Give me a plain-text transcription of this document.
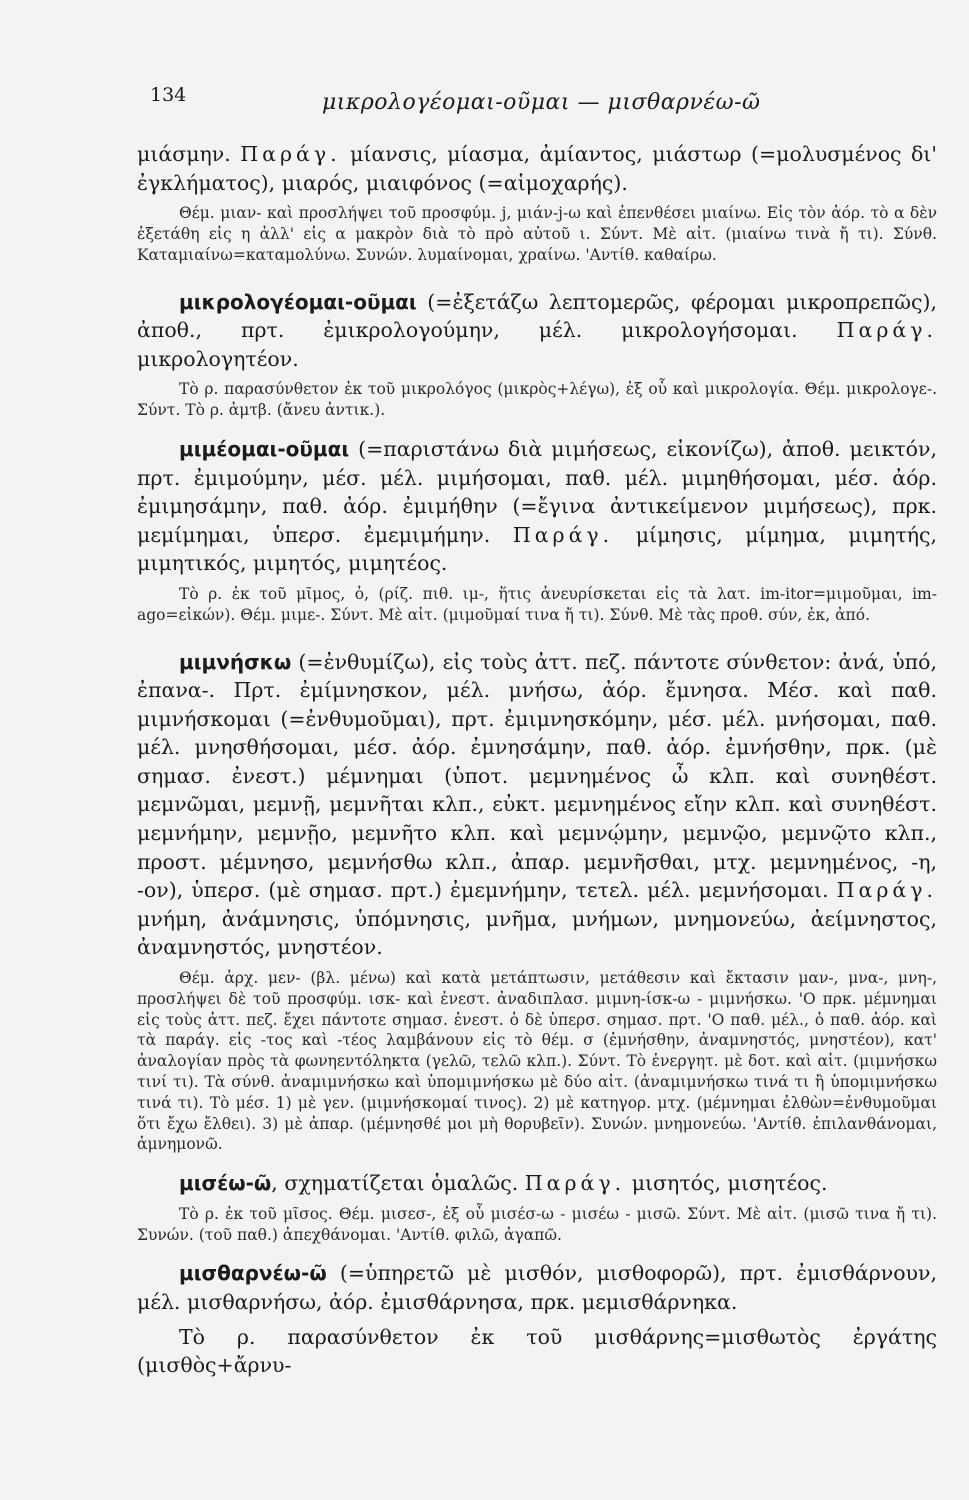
134	μικρολογέομαι-οῦμαι — μισθαρνέω-ῶ

μιάσμην. Παράγ. μίανσις, μίασμα, ἀμίαντος, μιάστωρ (=μολυσμένος δι' ἐγκλήματος), μιαρός, μιαιφόνος (=αἱμοχαρής).

Θέμ. μιαν- καὶ προσλήψει τοῦ προσφύμ. j, μιάν-j-ω καὶ ἐπενθέσει μιαίνω. Εἰς τὸν ἀόρ. τὸ α δὲν ἐξετάθη εἰς η ἀλλ' εἰς α μακρὸν διὰ τὸ πρὸ αὐτοῦ ι. Σύντ. Μὲ αἰτ. (μιαίνω τινὰ ἤ τι). Σύνθ. Καταμιαίνω=καταμολύνω. Συνών. λυμαίνομαι, χραίνω. 'Αντίθ. καθαίρω.

μικρολογέομαι-οῦμαι (=ἐξετάζω λεπτομερῶς, φέρομαι μικροπρεπῶς), ἀποθ., πρτ. ἐμικρολογούμην, μέλ. μικρολογήσομαι. Παράγ. μικρολογητέον.

Τὸ ρ. παρασύνθετον ἐκ τοῦ μικρολόγος (μικρὸς+λέγω), ἐξ οὗ καὶ μικρολογία. Θέμ. μικρολογε-. Σύντ. Τὸ ρ. ἀμτβ. (ἄνευ ἀντικ.).

μιμέομαι-οῦμαι (=παριστάνω διὰ μιμήσεως, εἰκονίζω), ἀποθ. μεικτόν, πρτ. ἐμιμούμην, μέσ. μέλ. μιμήσομαι, παθ. μέλ. μιμηθήσομαι, μέσ. ἀόρ. ἐμιμησάμην, παθ. ἀόρ. ἐμιμήθην (=ἔγινα ἀντικείμενον μιμήσεως), πρκ. μεμίμημαι, ὑπερσ. ἐμεμιμήμην. Παράγ. μίμησις, μίμημα, μιμητής, μιμητικός, μιμητός, μιμητέος.

Τὸ ρ. ἐκ τοῦ μῖμος, ὁ, (ρίζ. πιθ. ιμ-, ἥτις ἀνευρίσκεται εἰς τὰ λατ. im-itor=μιμοῦμαι, im-ago=εἰκών). Θέμ. μιμε-. Σύντ. Μὲ αἰτ. (μιμοῦμαί τινα ἤ τι). Σύνθ. Μὲ τὰς προθ. σύν, ἐκ, ἀπό.

μιμνήσκω (=ἐνθυμίζω), εἰς τοὺς ἀττ. πεζ. πάντοτε σύνθετον: ἀνά, ὑπό, ἐπανα-. Πρτ. ἐμίμνησκον, μέλ. μνήσω, ἀόρ. ἔμνησα. Μέσ. καὶ παθ. μιμνήσκομαι (=ἐνθυμοῦμαι), πρτ. ἐμιμνησκόμην, μέσ. μέλ. μνήσομαι, παθ. μέλ. μνησθήσομαι, μέσ. ἀόρ. ἐμνησάμην, παθ. ἀόρ. ἐμνήσθην, πρκ. (μὲ σημασ. ἐνεστ.) μέμνημαι (ὑποτ. μεμνημένος ὦ κλπ. καὶ συνηθέστ. μεμνῶμαι, μεμνῇ, μεμνῆται κλπ., εὐκτ. μεμνημένος εἴην κλπ. καὶ συνηθέστ. μεμνήμην, μεμνῇο, μεμνῆτο κλπ. καὶ μεμνῴμην, μεμνῷο, μεμνῷτο κλπ., προστ. μέμνησο, μεμνήσθω κλπ., ἀπαρ. μεμνῆσθαι, μτχ. μεμνημένος, -η, -ον), ὑπερσ. (μὲ σημασ. πρτ.) ἐμεμνήμην, τετελ. μέλ. μεμνήσομαι. Παράγ. μνήμη, ἀνάμνησις, ὑπόμνησις, μνῆμα, μνήμων, μνημονεύω, ἀείμνηστος, ἀναμνηστός, μνηστέον.

Θέμ. ἀρχ. μεν- (βλ. μένω) καὶ κατὰ μετάπτωσιν, μετάθεσιν καὶ ἔκτασιν μαν-, μνα-, μνη-, προσλήψει δὲ τοῦ προσφύμ. ισκ- καὶ ἐνεστ. ἀναδιπλασ. μιμνη-ίσκ-ω - μιμνήσκω. 'Ο πρκ. μέμνημαι εἰς τοὺς ἀττ. πεζ. ἔχει πάντοτε σημασ. ἐνεστ. ὁ δὲ ὑπερσ. σημασ. πρτ. 'Ο παθ. μέλ., ὁ παθ. ἀόρ. καὶ τὰ παράγ. εἰς -τος καὶ -τέος λαμβάνουν εἰς τὸ θέμ. σ (ἐμνήσθην, ἀναμνηστός, μνηστέον), κατ' ἀναλογίαν πρὸς τὰ φωνηεντόληκτα (γελῶ, τελῶ κλπ.). Σύντ. Τὸ ἐνεργητ. μὲ δοτ. καὶ αἰτ. (μιμνήσκω τινί τι). Τὰ σύνθ. ἀναμιμνήσκω καὶ ὑπομιμνήσκω μὲ δύο αἰτ. (ἀναμιμνήσκω τινά τι ἢ ὑπομιμνήσκω τινά τι). Τὸ μέσ. 1) μὲ γεν. (μιμνήσκομαί τινος). 2) μὲ κατηγορ. μτχ. (μέμνημαι ἐλθὼν=ἐνθυμοῦμαι ὅτι ἔχω ἔλθει). 3) μὲ ἀπαρ. (μέμνησθέ μοι μὴ θορυβεῖν). Συνών. μνημονεύω. 'Αντίθ. ἐπιλανθάνομαι, ἀμνημονῶ.

μισέω-ῶ, σχηματίζεται ὁμαλῶς. Παράγ. μισητός, μισητέος.

Τὸ ρ. ἐκ τοῦ μῖσος. Θέμ. μισεσ-, ἐξ οὗ μισέσ-ω - μισέω - μισῶ. Σύντ. Μὲ αἰτ. (μισῶ τινα ἤ τι). Συνών. (τοῦ παθ.) ἀπεχθάνομαι. 'Αντίθ. φιλῶ, ἀγαπῶ.

μισθαρνέω-ῶ (=ὑπηρετῶ μὲ μισθόν, μισθοφορῶ), πρτ. ἐμισθάρνουν, μέλ. μισθαρνήσω, ἀόρ. ἐμισθάρνησα, πρκ. μεμισθάρνηκα.

Τὸ ρ. παρασύνθετον ἐκ τοῦ μισθάρνης=μισθωτὸς ἐργάτης (μισθὸς+ἄρνυ-
